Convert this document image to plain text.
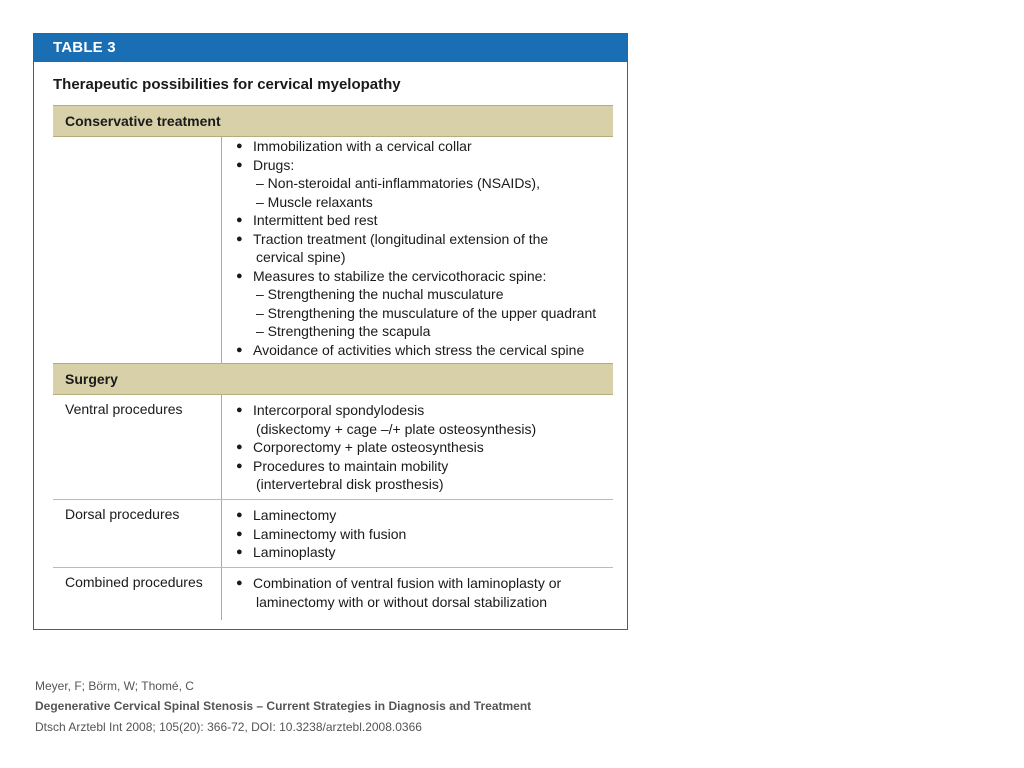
TABLE 3
Therapeutic possibilities for cervical myelopathy
Conservative treatment
● Immobilization with a cervical collar
● Drugs:
– Non-steroidal anti-inflammatories (NSAIDs),
– Muscle relaxants
● Intermittent bed rest
● Traction treatment (longitudinal extension of the
cervical spine)
● Measures to stabilize the cervicothoracic spine:
– Strengthening the nuchal musculature
– Strengthening the musculature of the upper quadrant
– Strengthening the scapula
● Avoidance of activities which stress the cervical spine
Surgery
Ventral procedures	● Intercorporal spondylodesis
(diskectomy + cage –/+ plate osteosynthesis)
● Corporectomy + plate osteosynthesis
● Procedures to maintain mobility
(intervertebral disk prosthesis)
Dorsal procedures	● Laminectomy
● Laminectomy with fusion
● Laminoplasty
Combined procedures	● Combination of ventral fusion with laminoplasty or
laminectomy with or without dorsal stabilization
Meyer, F; Börm, W; Thomé, C
Degenerative Cervical Spinal Stenosis – Current Strategies in Diagnosis and Treatment
Dtsch Arztebl Int 2008; 105(20): 366-72, DOI: 10.3238/arztebl.2008.0366
